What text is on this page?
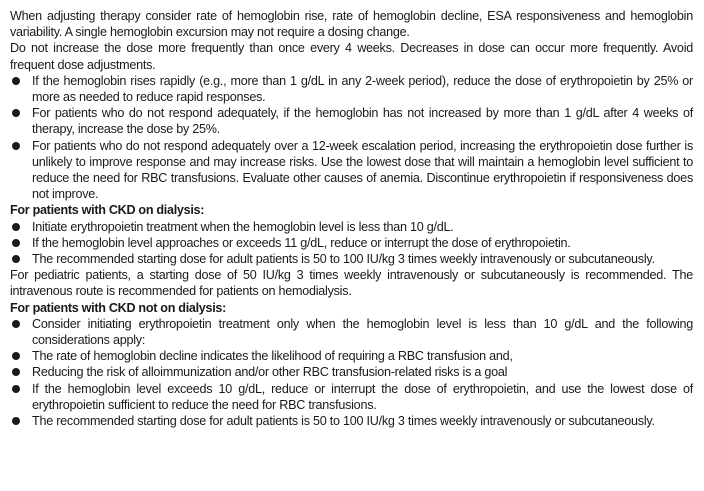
When adjusting therapy consider rate of hemoglobin rise, rate of hemoglobin decline, ESA responsiveness and hemoglobin variability. A single hemoglobin excursion may not require a dosing change.

Do not increase the dose more frequently than once every 4 weeks. Decreases in dose can occur more frequently. Avoid frequent dose adjustments.

If the hemoglobin rises rapidly (e.g., more than 1 g/dL in any 2-week period), reduce the dose of erythropoietin by 25% or more as needed to reduce rapid responses.
For patients who do not respond adequately, if the hemoglobin has not increased by more than 1 g/dL after 4 weeks of therapy, increase the dose by 25%.
For patients who do not respond adequately over a 12-week escalation period, increasing the erythropoietin dose further is unlikely to improve response and may increase risks. Use the lowest dose that will maintain a hemoglobin level sufficient to reduce the need for RBC transfusions. Evaluate other causes of anemia. Discontinue erythropoietin if responsiveness does not improve.

For patients with CKD on dialysis:

Initiate erythropoietin treatment when the hemoglobin level is less than 10 g/dL.
If the hemoglobin level approaches or exceeds 11 g/dL, reduce or interrupt the dose of erythropoietin.
The recommended starting dose for adult patients is 50 to 100 IU/kg 3 times weekly intravenously or subcutaneously.

For pediatric patients, a starting dose of 50 IU/kg 3 times weekly intravenously or subcutaneously is recommended. The intravenous route is recommended for patients on hemodialysis.

For patients with CKD not on dialysis:

Consider initiating erythropoietin treatment only when the hemoglobin level is less than 10 g/dL and the following considerations apply:
The rate of hemoglobin decline indicates the likelihood of requiring a RBC transfusion and,
Reducing the risk of alloimmunization and/or other RBC transfusion-related risks is a goal
If the hemoglobin level exceeds 10 g/dL, reduce or interrupt the dose of erythropoietin, and use the lowest dose of erythropoietin sufficient to reduce the need for RBC transfusions.
The recommended starting dose for adult patients is 50 to 100 IU/kg 3 times weekly intravenously or subcutaneously.
